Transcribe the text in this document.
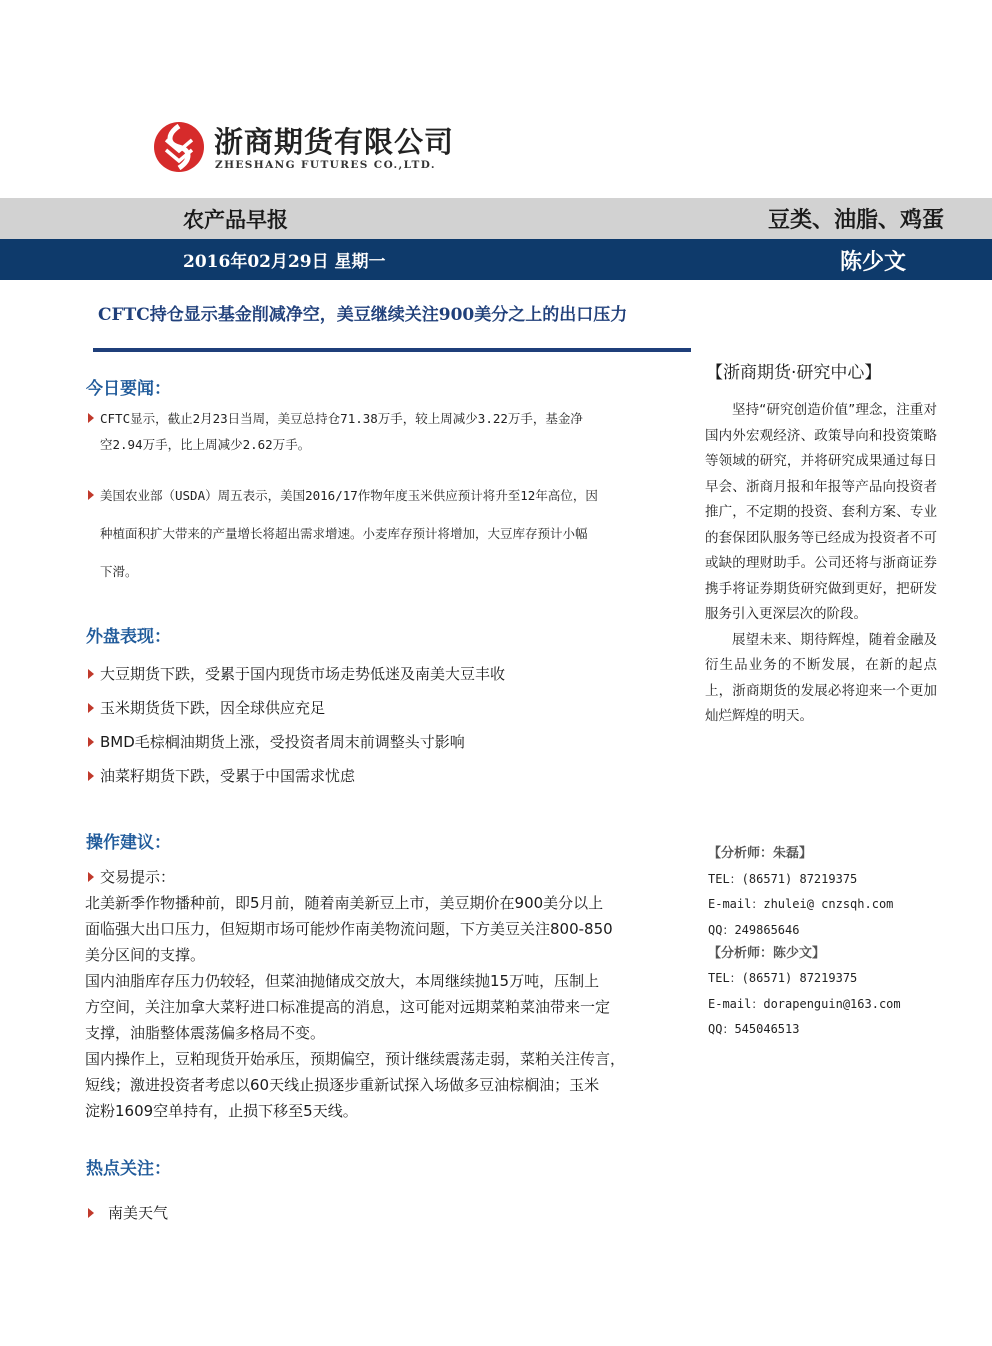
浙商期货有限公司
ZHESHANG FUTURES CO.,LTD.
农产品早报	豆类、油脂、鸡蛋
2016年02月29日 星期一	陈少文
CFTC持仓显示基金削减净空，美豆继续关注900美分之上的出口压力
今日要闻：
CFTC显示，截止2月23日当周，美豆总持仓71.38万手，较上周减少3.22万手，基金净
空2.94万手，比上周减少2.62万手。
美国农业部（USDA）周五表示，美国2016/17作物年度玉米供应预计将升至12年高位，因
种植面积扩大带来的产量增长将超出需求增速。小麦库存预计将增加，大豆库存预计小幅
下滑。
外盘表现：
大豆期货下跌，受累于国内现货市场走势低迷及南美大豆丰收
玉米期货货下跌，因全球供应充足
BMD毛棕榈油期货上涨，受投资者周末前调整头寸影响
油菜籽期货下跌，受累于中国需求忧虑
操作建议：
交易提示：
北美新季作物播种前，即5月前，随着南美新豆上市，美豆期价在900美分以上
面临强大出口压力，但短期市场可能炒作南美物流问题，下方美豆关注800-850
美分区间的支撑。
国内油脂库存压力仍较轻，但菜油抛储成交放大，本周继续抛15万吨，压制上
方空间，关注加拿大菜籽进口标准提高的消息，这可能对远期菜粕菜油带来一定
支撑，油脂整体震荡偏多格局不变。
国内操作上，豆粕现货开始承压，预期偏空，预计继续震荡走弱，菜粕关注传言，
短线；激进投资者考虑以60天线止损逐步重新试探入场做多豆油棕榈油；玉米
淀粉1609空单持有，止损下移至5天线。
热点关注：
南美天气
【浙商期货·研究中心】

坚持“研究创造价值”理念，注重对国内外宏观经济、政策导向和投资策略等领域的研究，并将研究成果通过每日早会、浙商月报和年报等产品向投资者推广，不定期的投资、套利方案、专业的套保团队服务等已经成为投资者不可或缺的理财助手。公司还将与浙商证券携手将证券期货研究做到更好，把研发服务引入更深层次的阶段。

展望未来、期待辉煌，随着金融及衍生品业务的不断发展，在新的起点上，浙商期货的发展必将迎来一个更加灿烂辉煌的明天。

【分析师：朱磊】
TEL：(86571) 87219375
E-mail：zhulei@ cnzsqh.com
QQ：249865646
【分析师：陈少文】
TEL：(86571) 87219375
E-mail：dorapenguin@163.com
QQ：545046513
